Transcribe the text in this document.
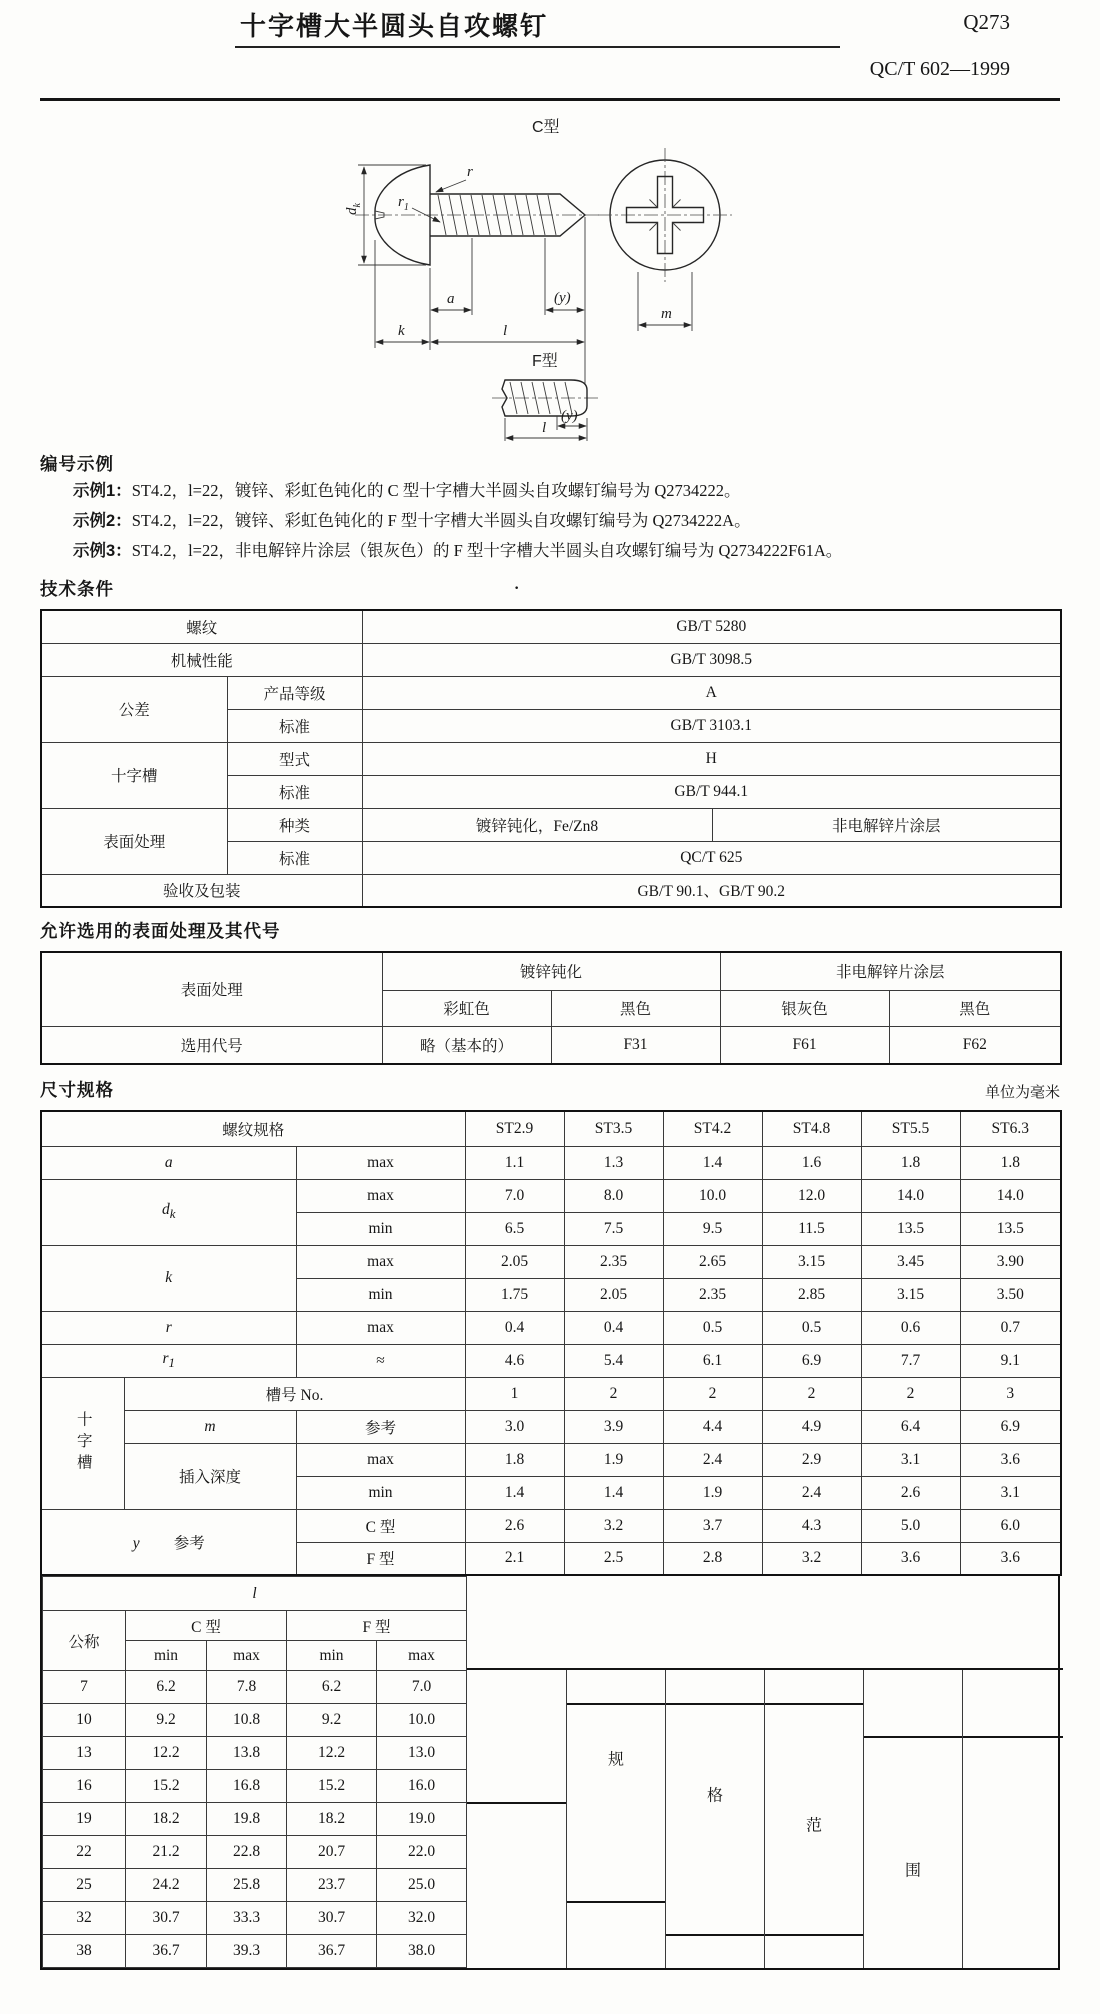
十字槽大半圆头自攻螺钉	Q273
QC/T 602—1999
C型
r
$r_1$
$d_k$
a	(y)
k	l
m
F型
(y)
l
编号示例

示例1：ST4.2，l=22，镀锌、彩虹色钝化的 C 型十字槽大半圆头自攻螺钉编号为 Q2734222。

示例2：ST4.2，l=22，镀锌、彩虹色钝化的 F 型十字槽大半圆头自攻螺钉编号为 Q2734222A。

示例3：ST4.2，l=22，非电解锌片涂层（银灰色）的 F 型十字槽大半圆头自攻螺钉编号为 Q2734222F61A。

技术条件	·
螺纹		GB/T 5280	
机械性能		GB/T 3098.5	
公差	产品等级	A	
	标准	GB/T 3103.1	
十字槽	型式	H	
	标准	GB/T 944.1	
表面处理	种类	镀锌钝化，Fe/Zn8	非电解锌片涂层
	标准	QC/T 625	
验收及包装		GB/T 90.1、GB/T 90.2	
允许选用的表面处理及其代号
表面处理	镀锌钝化		非电解锌片涂层	
	彩虹色	黑色	银灰色	黑色
选用代号	略（基本的）	F31	F61	F62
尺寸规格	单位为毫米
螺纹规格			ST2.9	ST3.5	ST4.2	ST4.8	ST5.5	ST6.3
a		max	1.1	1.3	1.4	1.6	1.8	1.8
$d_k$		max	7.0	8.0	10.0	12.0	14.0	14.0
		min	6.5	7.5	9.5	11.5	13.5	13.5
k		max	2.05	2.35	2.65	3.15	3.45	3.90
		min	1.75	2.05	2.35	2.85	3.15	3.50
r		max	0.4	0.4	0.5	0.5	0.6	0.7
$r_1$		≈	4.6	5.4	6.1	6.9	7.7	9.1

十字槽	槽号 No.		1	2	2	2	2	3
	m	参考	3.0	3.9	4.4	4.9	6.4	6.9
	插入深度	max	1.8	1.9	2.4	2.9	3.1	3.6
		min	1.4	1.4	1.9	2.4	2.6	3.1
y 参考		C 型	2.6	3.2	3.7	4.3	5.0	6.0
		F 型	2.1	2.5	2.8	3.2	3.6	3.6
l				
公称	C 型		F 型	
	min	max	min	max
7	6.2	7.8	6.2	7.0
10	9.2	10.8	9.2	10.0
13	12.2	13.8	12.2	13.0
16	15.2	16.8	15.2	16.0
19	18.2	19.8	18.2	19.0
22	21.2	22.8	20.7	22.0
25	24.2	25.8	23.7	25.0
32	30.7	33.3	30.7	32.0
38	36.7	39.3	36.7	38.0
规
格
范
围
